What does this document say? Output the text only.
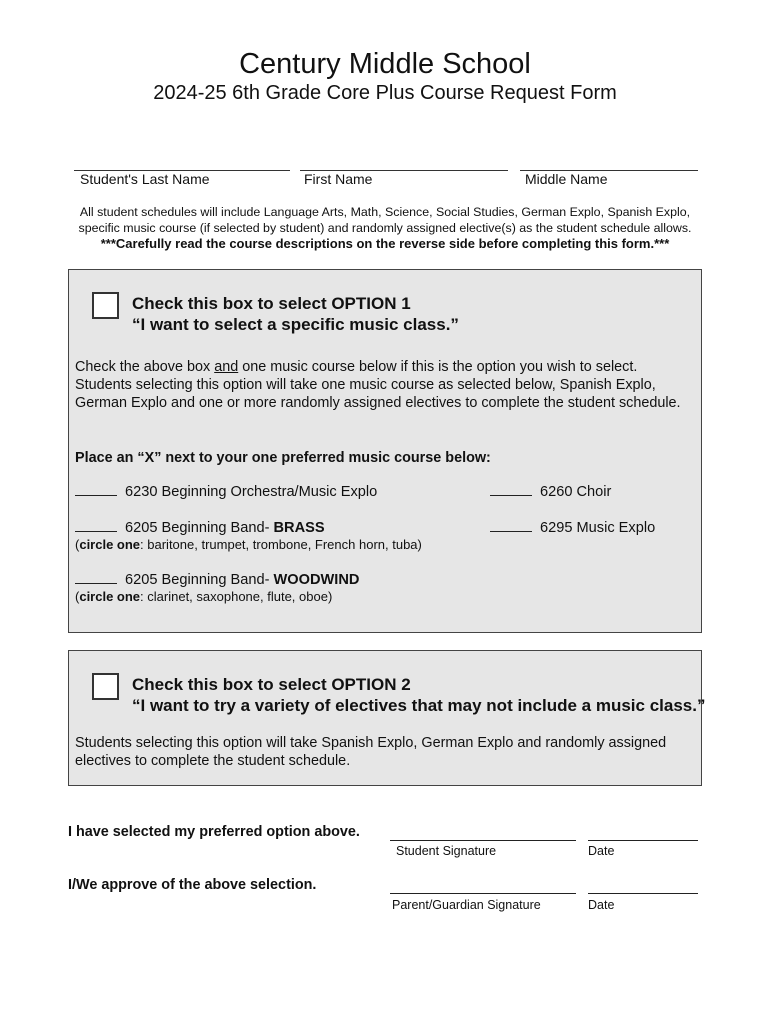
Century Middle School
2024-25 6th Grade Core Plus Course Request Form
Student's Last Name	First Name	Middle Name
All student schedules will include Language Arts, Math, Science, Social Studies, German Explo, Spanish Explo, specific music course (if selected by student) and randomly assigned elective(s) as the student schedule allows.
***Carefully read the course descriptions on the reverse side before completing this form.***
Check this box to select OPTION 1
“I want to select a specific music class.”
Check the above box and one music course below if this is the option you wish to select. Students selecting this option will take one music course as selected below, Spanish Explo, German Explo and one or more randomly assigned electives to complete the student schedule.
Place an “X” next to your one preferred music course below:
6230 Beginning Orchestra/Music Explo	6260 Choir
6205 Beginning Band- BRASS	6295 Music Explo
(circle one: baritone, trumpet, trombone, French horn, tuba)
6205 Beginning Band- WOODWIND
(circle one: clarinet, saxophone, flute, oboe)
Check this box to select OPTION 2
“I want to try a variety of electives that may not include a music class.”
Students selecting this option will take Spanish Explo, German Explo and randomly assigned electives to complete the student schedule.
I have selected my preferred option above.
Student Signature	Date
I/We approve of the above selection.
Parent/Guardian Signature	Date
